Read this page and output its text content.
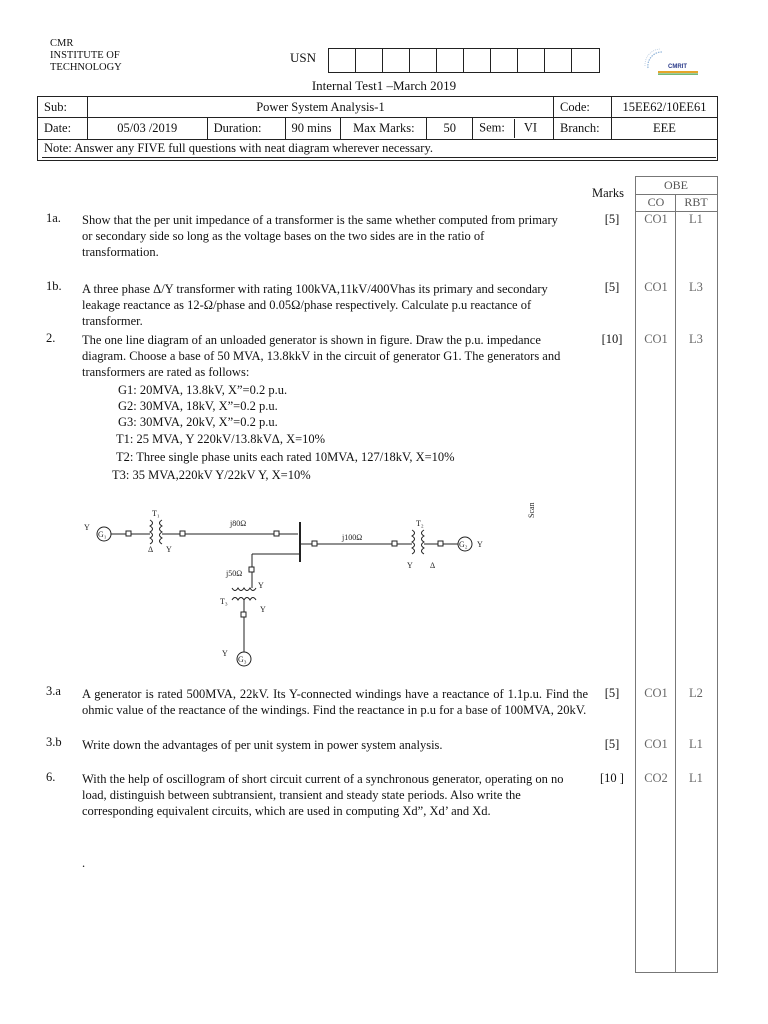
CMR
INSTITUTE OF
TECHNOLOGY
USN
CMRIT
Internal Test1 –March 2019
Sub:	Power System Analysis-1						Code:	15EE62/10EE61
Date:	05/03 /2019	Duration:	90 mins	Max Marks:	50	Sem: VI	Branch:	EEE
Note: Answer any FIVE full questions with neat diagram wherever necessary.								
Marks
OBE
CO	RBT
1a. Show that the per unit impedance of a transformer is the same whether computed from primary or secondary side so long as the voltage bases on the two sides are in the ratio of transformation.
[5]	CO1	L1
1b. A three phase Δ/Y transformer with rating 100kVA,11kV/400Vhas its primary and secondary leakage reactance as 12-Ω/phase and 0.05Ω/phase respectively. Calculate p.u reactance of transformer.
[5]	CO1	L3
2. The one line diagram of an unloaded generator is shown in figure. Draw the p.u. impedance diagram. Choose a base of 50 MVA, 13.8kkV in the circuit of generator G1. The generators and transformers are rated as follows:
[10]	CO1	L3
G1: 20MVA, 13.8kV, X”=0.2 p.u.
G2: 30MVA, 18kV, X”=0.2 p.u.
G3: 30MVA, 20kV, X”=0.2 p.u.
T1: 25 MVA, Y 220kV/13.8kVΔ, X=10%
T2: Three single phase units each rated 10MVA, 127/18kV, X=10%
T3: 35 MVA,220kV Y/22kV Y, X=10%
G₁
Y
G₂ Y
G₃
Y
T₁
Δ Y
T₂
Y Δ
T₃
Y
Y
j80Ω
j100Ω
j50Ω
Scan
3.a A generator is rated 500MVA, 22kV. Its Y-connected windings have a reactance of 1.1p.u. Find the ohmic value of the reactance of the windings. Find the reactance in p.u for a base of 100MVA, 20kV.
[5]	CO1	L2
3.b Write down the advantages of per unit system in power system analysis.	[5]	CO1	L1
6. With the help of oscillogram of short circuit current of a synchronous generator, operating on no load, distinguish between subtransient, transient and steady state periods. Also write the corresponding equivalent circuits, which are used in computing Xd”, Xd’ and Xd.
[10 ]	CO2	L1
.
